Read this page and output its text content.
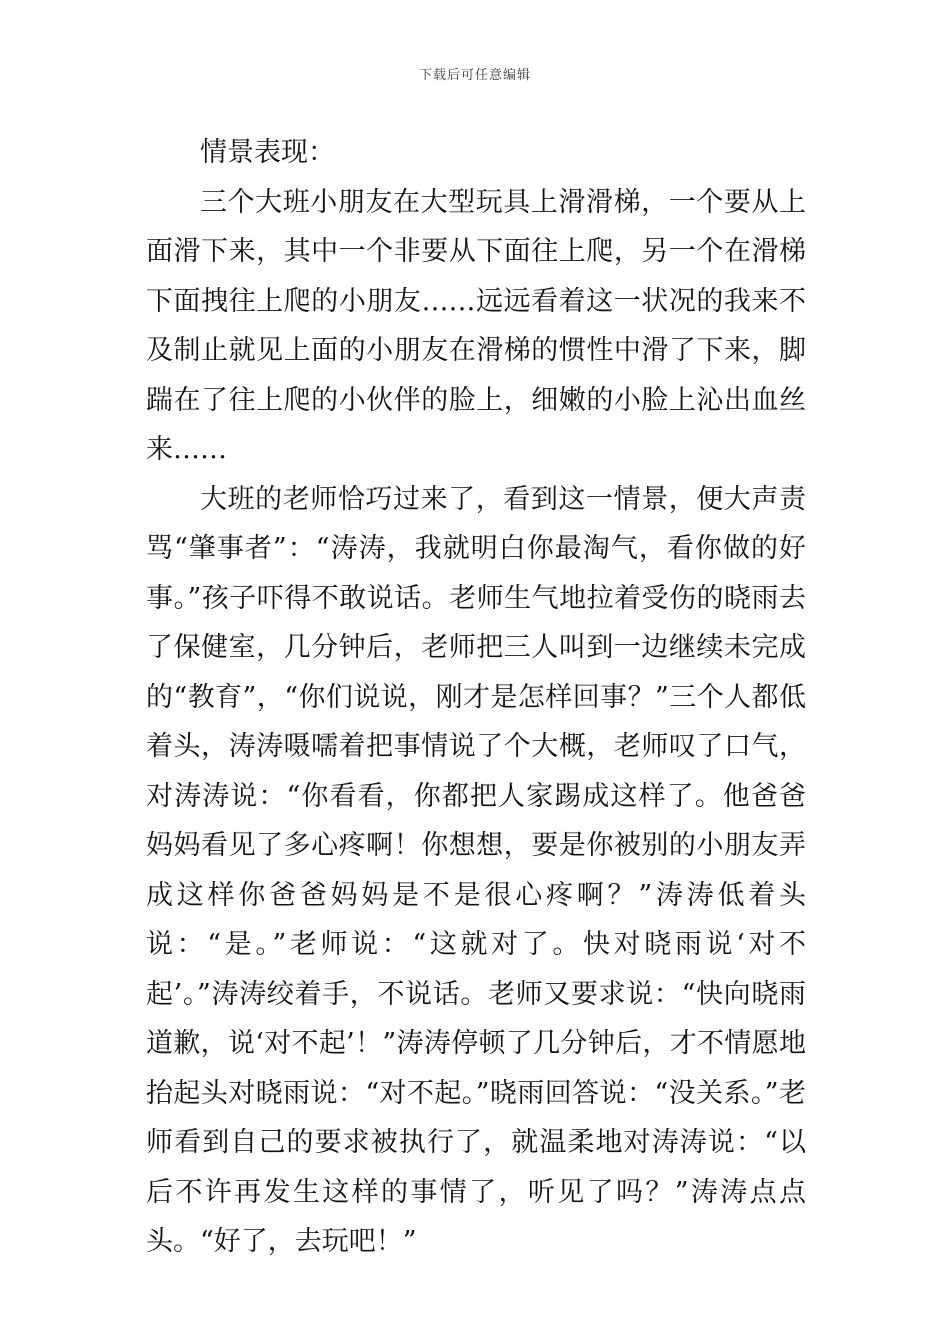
下载后可任意编辑

情景表现：

三个大班小朋友在大型玩具上滑滑梯，一个要从上面滑下来，其中一个非要从下面往上爬，另一个在滑梯下面拽往上爬的小朋友……远远看着这一状况的我来不及制止就见上面的小朋友在滑梯的惯性中滑了下来，脚踹在了往上爬的小伙伴的脸上，细嫩的小脸上沁出血丝来……

大班的老师恰巧过来了，看到这一情景，便大声责骂“肇事者”：“涛涛，我就明白你最淘气，看你做的好事。”孩子吓得不敢说话。老师生气地拉着受伤的晓雨去了保健室，几分钟后，老师把三人叫到一边继续未完成的“教育”，“你们说说，刚才是怎样回事？”三个人都低着头，涛涛嗫嚅着把事情说了个大概，老师叹了口气，对涛涛说：“你看看，你都把人家踢成这样了。他爸爸妈妈看见了多心疼啊！你想想，要是你被别的小朋友弄成这样你爸爸妈妈是不是很心疼啊？”涛涛低着头说：“是。”老师说：“这就对了。快对晓雨说‘对不起’。”涛涛绞着手，不说话。老师又要求说：“快向晓雨道歉，说‘对不起’！”涛涛停顿了几分钟后，才不情愿地抬起头对晓雨说：“对不起。”晓雨回答说：“没关系。”老师看到自己的要求被执行了，就温柔地对涛涛说：“以后不许再发生这样的事情了，听见了吗？”涛涛点点头。“好了，去玩吧！”
